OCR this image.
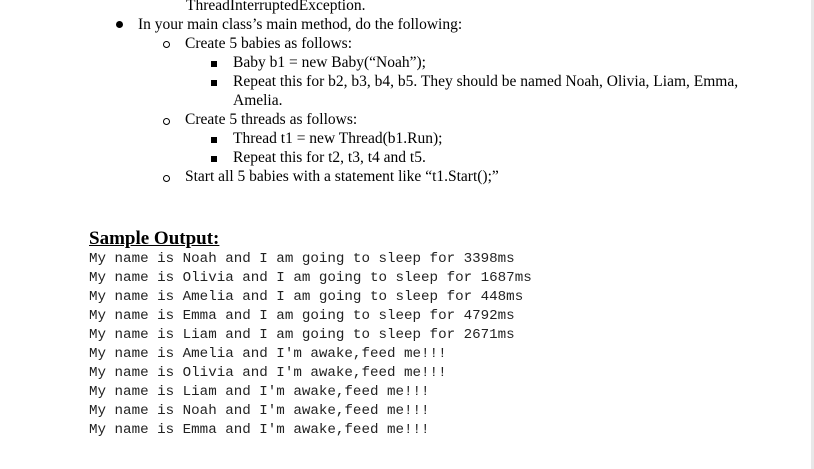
ThreadInterruptedException.
In your main class’s main method, do the following:
Create 5 babies as follows:
Baby b1 = new Baby(“Noah”);
Repeat this for b2, b3, b4, b5. They should be named Noah, Olivia, Liam, Emma,
Amelia.
Create 5 threads as follows:
Thread t1 = new Thread(b1.Run);
Repeat this for t2, t3, t4 and t5.
Start all 5 babies with a statement like “t1.Start();”
Sample Output:
My name is Noah and I am going to sleep for 3398ms
My name is Olivia and I am going to sleep for 1687ms
My name is Amelia and I am going to sleep for 448ms
My name is Emma and I am going to sleep for 4792ms
My name is Liam and I am going to sleep for 2671ms
My name is Amelia and I'm awake,feed me!!!
My name is Olivia and I'm awake,feed me!!!
My name is Liam and I'm awake,feed me!!!
My name is Noah and I'm awake,feed me!!!
My name is Emma and I'm awake,feed me!!!
